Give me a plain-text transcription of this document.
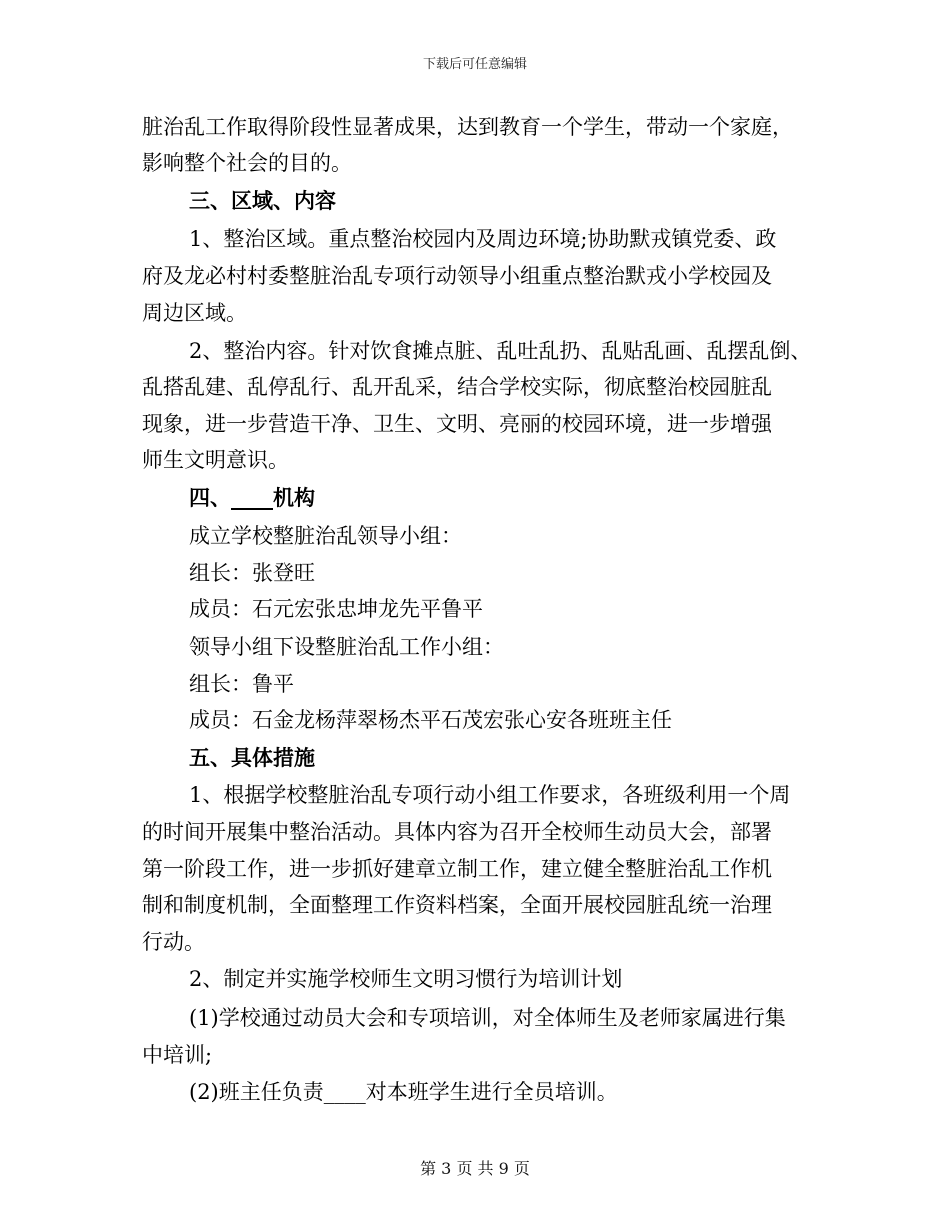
下载后可任意编辑
脏治乱工作取得阶段性显著成果，达到教育一个学生，带动一个家庭，
影响整个社会的目的。
三、区域、内容
1、整治区域。重点整治校园内及周边环境;协助默戎镇党委、政
府及龙必村村委整脏治乱专项行动领导小组重点整治默戎小学校园及
周边区域。
2、整治内容。针对饮食摊点脏、乱吐乱扔、乱贴乱画、乱摆乱倒、
乱搭乱建、乱停乱行、乱开乱采，结合学校实际，彻底整治校园脏乱
现象，进一步营造干净、卫生、文明、亮丽的校园环境，进一步增强
师生文明意识。
四、____机构
成立学校整脏治乱领导小组：
组长：张登旺
成员：石元宏张忠坤龙先平鲁平
领导小组下设整脏治乱工作小组：
组长：鲁平
成员：石金龙杨萍翠杨杰平石茂宏张心安各班班主任
五、具体措施
1、根据学校整脏治乱专项行动小组工作要求，各班级利用一个周
的时间开展集中整治活动。具体内容为召开全校师生动员大会，部署
第一阶段工作，进一步抓好建章立制工作，建立健全整脏治乱工作机
制和制度机制，全面整理工作资料档案，全面开展校园脏乱统一治理
行动。
2、制定并实施学校师生文明习惯行为培训计划
(1)学校通过动员大会和专项培训，对全体师生及老师家属进行集
中培训;
(2)班主任负责____对本班学生进行全员培训。
第 3 页 共 9 页
